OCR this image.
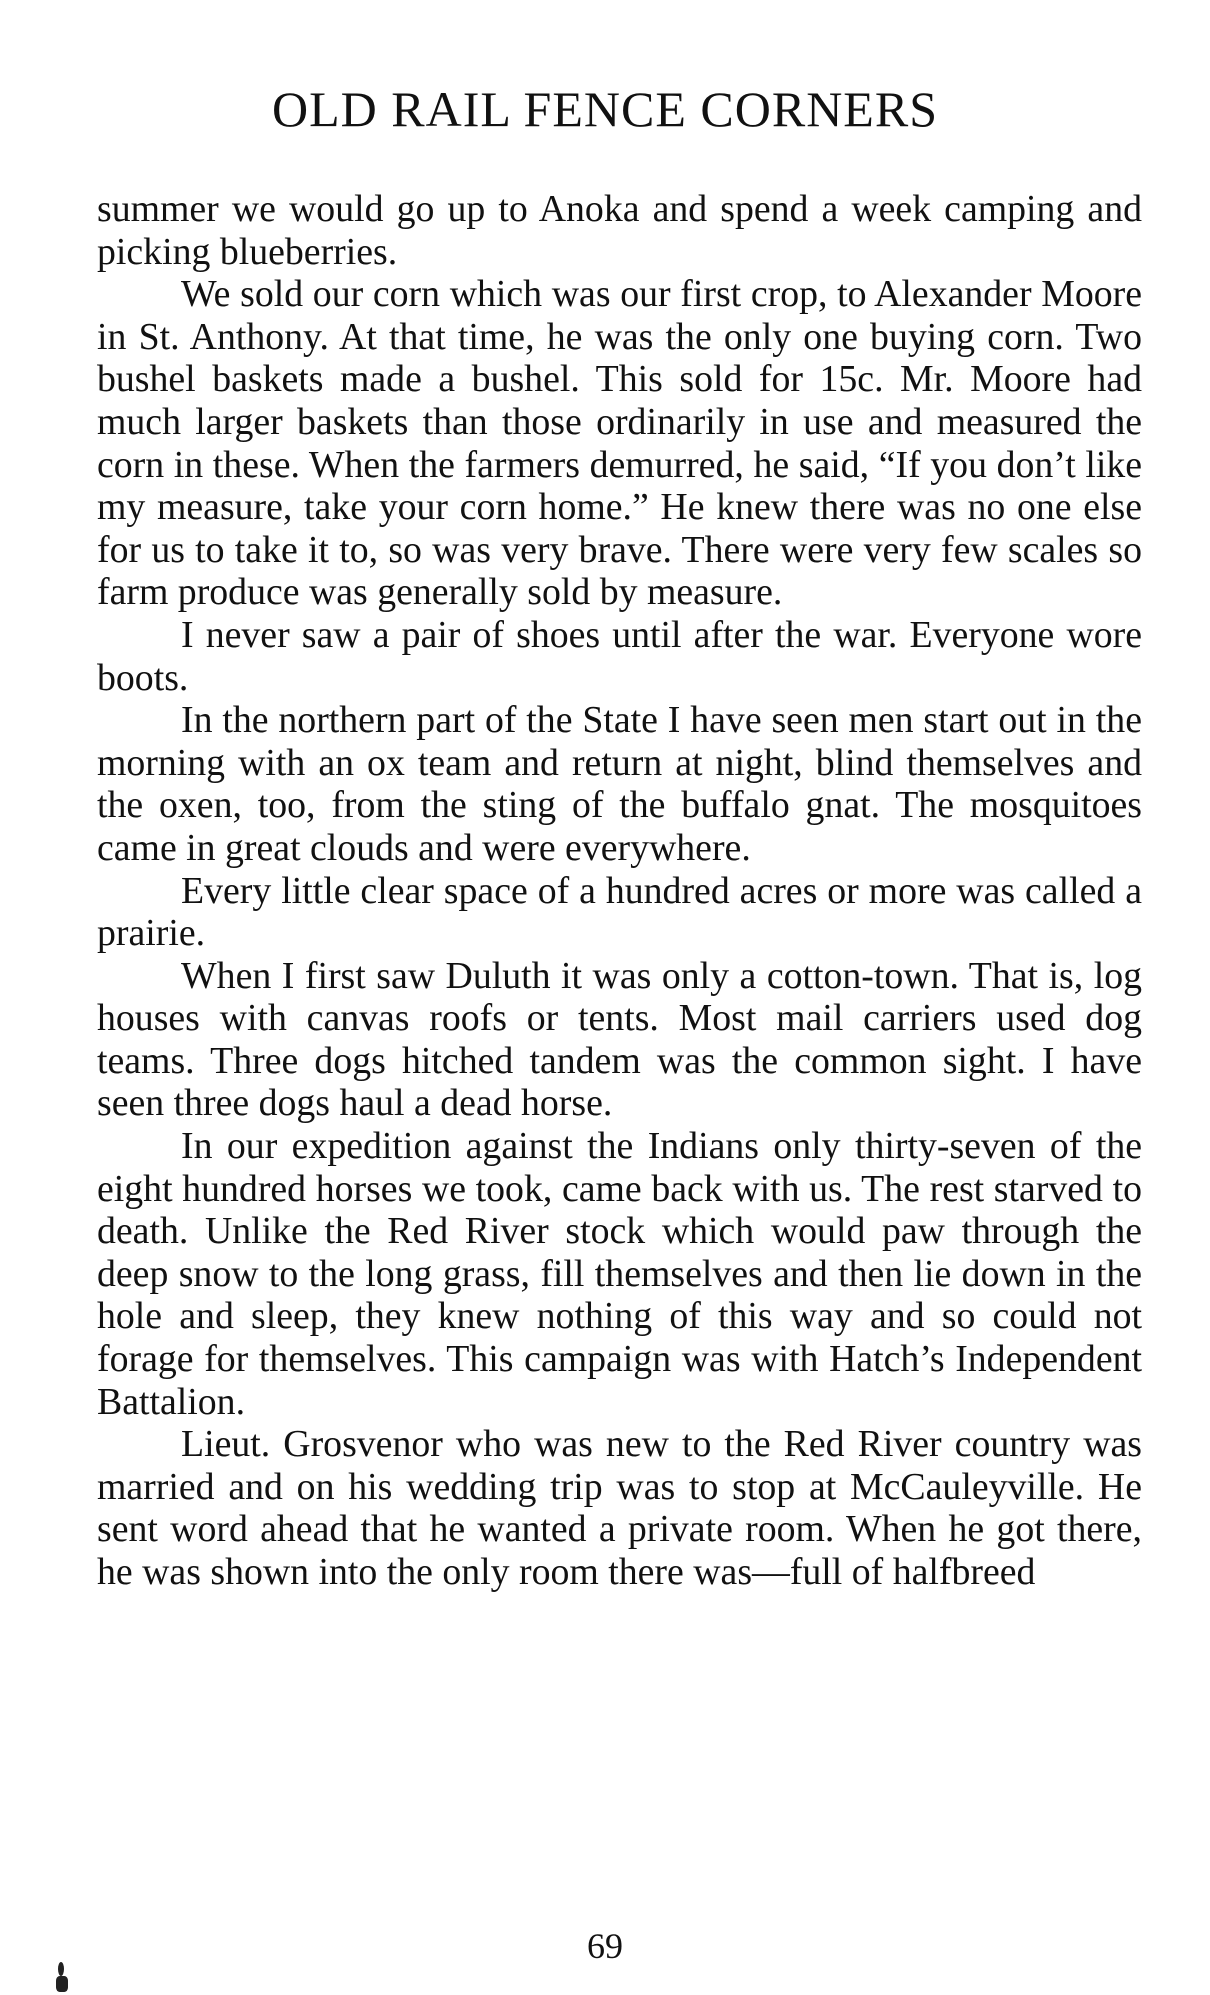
OLD RAIL FENCE CORNERS

summer we would go up to Anoka and spend a week camping and picking blueberries.

We sold our corn which was our first crop, to Alexander Moore in St. Anthony. At that time, he was the only one buying corn. Two bushel baskets made a bushel. This sold for 15c. Mr. Moore had much larger baskets than those ordinarily in use and measured the corn in these. When the farmers demurred, he said, “If you don’t like my measure, take your corn home.” He knew there was no one else for us to take it to, so was very brave. There were very few scales so farm produce was generally sold by measure.

I never saw a pair of shoes until after the war. Everyone wore boots.

In the northern part of the State I have seen men start out in the morning with an ox team and return at night, blind themselves and the oxen, too, from the sting of the buffalo gnat. The mosquitoes came in great clouds and were everywhere.

Every little clear space of a hundred acres or more was called a prairie.

When I first saw Duluth it was only a cotton-town. That is, log houses with canvas roofs or tents. Most mail carriers used dog teams. Three dogs hitched tandem was the common sight. I have seen three dogs haul a dead horse.

In our expedition against the Indians only thirty-seven of the eight hundred horses we took, came back with us. The rest starved to death. Unlike the Red River stock which would paw through the deep snow to the long grass, fill themselves and then lie down in the hole and sleep, they knew nothing of this way and so could not forage for themselves. This campaign was with Hatch’s Independent Battalion.

Lieut. Grosvenor who was new to the Red River country was married and on his wedding trip was to stop at McCauleyville. He sent word ahead that he wanted a private room. When he got there, he was shown into the only room there was—full of halfbreed

69
